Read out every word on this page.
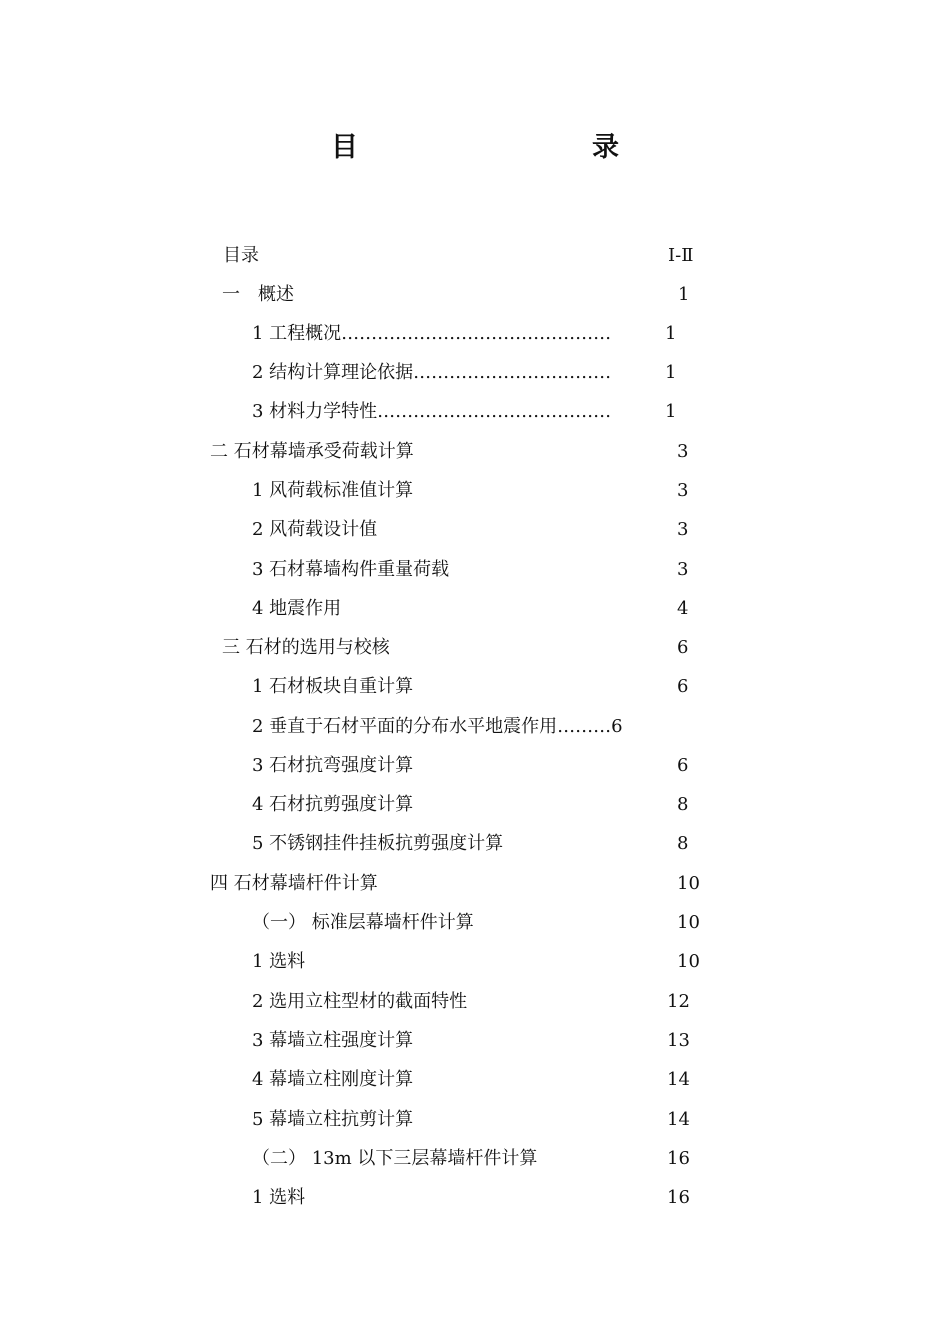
目　　录
目录	Ⅰ-Ⅱ
一　概述	1
1 工程概况………………………………………	1
2 结构计算理论依据……………………………	1
3 材料力学特性…………………………………	1
二 石材幕墙承受荷载计算	3
1 风荷载标准值计算	3
2 风荷载设计值	3
3 石材幕墙构件重量荷载	3
4 地震作用	4
三 石材的选用与校核	6
1 石材板块自重计算	6
2 垂直于石材平面的分布水平地震作用………6
3 石材抗弯强度计算	6
4 石材抗剪强度计算	8
5 不锈钢挂件挂板抗剪强度计算	8
四 石材幕墙杆件计算	10
（一） 标准层幕墙杆件计算	10
1 选料	10
2 选用立柱型材的截面特性	12
3 幕墙立柱强度计算	13
4 幕墙立柱刚度计算	14
5 幕墙立柱抗剪计算	14
（二） 13m 以下三层幕墙杆件计算	16
1 选料	16
